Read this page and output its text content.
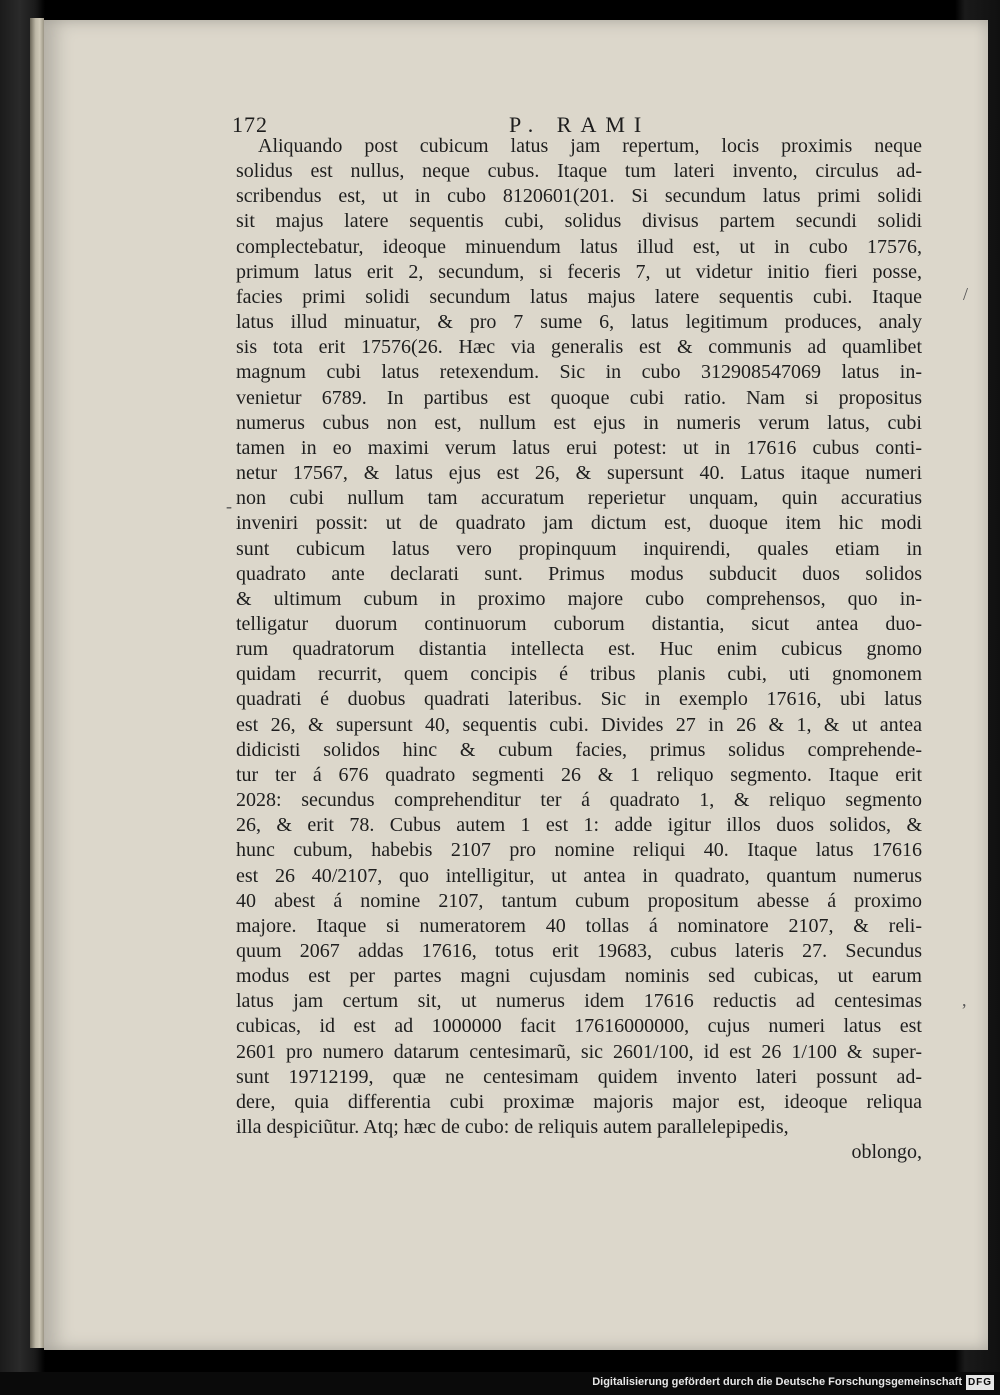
172	P. RAMI
Aliquando post cubicum latus jam repertum, locis proximis neque
solidus est nullus, neque cubus. Itaque tum lateri invento, circulus ad-
scribendus est, ut in cubo 8120601(201. Si secundum latus primi solidi
sit majus latere sequentis cubi, solidus divisus partem secundi solidi
complectebatur, ideoque minuendum latus illud est, ut in cubo 17576,
primum latus erit 2, secundum, si feceris 7, ut videtur initio fieri posse,
facies primi solidi secundum latus majus latere sequentis cubi. Itaque
latus illud minuatur, & pro 7 sume 6, latus legitimum produces, analy
sis tota erit 17576(26. Hæc via generalis est & communis ad quamlibet
magnum cubi latus retexendum. Sic in cubo 312908547069 latus in-
venietur 6789. In partibus est quoque cubi ratio. Nam si propositus
numerus cubus non est, nullum est ejus in numeris verum latus, cubi
tamen in eo maximi verum latus erui potest: ut in 17616 cubus conti-
netur 17567, & latus ejus est 26, & supersunt 40. Latus itaque numeri
non cubi nullum tam accuratum reperietur unquam, quin accuratius
inveniri possit: ut de quadrato jam dictum est, duoque item hic modi
sunt cubicum latus vero propinquum inquirendi, quales etiam in
quadrato ante declarati sunt. Primus modus subducit duos solidos
& ultimum cubum in proximo majore cubo comprehensos, quo in-
telligatur duorum continuorum cuborum distantia, sicut antea duo-
rum quadratorum distantia intellecta est. Huc enim cubicus gnomo
quidam recurrit, quem concipis é tribus planis cubi, uti gnomonem
quadrati é duobus quadrati lateribus. Sic in exemplo 17616, ubi latus
est 26, & supersunt 40, sequentis cubi. Divides 27 in 26 & 1, & ut antea
didicisti solidos hinc & cubum facies, primus solidus comprehende-
tur ter á 676 quadrato segmenti 26 & 1 reliquo segmento. Itaque erit
2028: secundus comprehenditur ter á quadrato 1, & reliquo segmento
26, & erit 78. Cubus autem 1 est 1: adde igitur illos duos solidos, &
hunc cubum, habebis 2107 pro nomine reliqui 40. Itaque latus 17616
est 26 40/2107, quo intelligitur, ut antea in quadrato, quantum numerus
40 abest á nomine 2107, tantum cubum propositum abesse á proximo
majore. Itaque si numeratorem 40 tollas á nominatore 2107, & reli-
quum 2067 addas 17616, totus erit 19683, cubus lateris 27. Secundus
modus est per partes magni cujusdam nominis sed cubicas, ut earum
latus jam certum sit, ut numerus idem 17616 reductis ad centesimas
cubicas, id est ad 1000000 facit 17616000000, cujus numeri latus est
2601 pro numero datarum centesimarũ, sic 2601/100, id est 26 1/100 & super-
sunt 19712199, quæ ne centesimam quidem invento lateri possunt ad-
dere, quia differentia cubi proximæ majoris major est, ideoque reliqua
illa despiciũtur. Atq; hæc de cubo: de reliquis autem parallelepipedis,
oblongo,
/
-
,
Digitalisierung gefördert durch die Deutsche Forschungsgemeinschaft DFG
